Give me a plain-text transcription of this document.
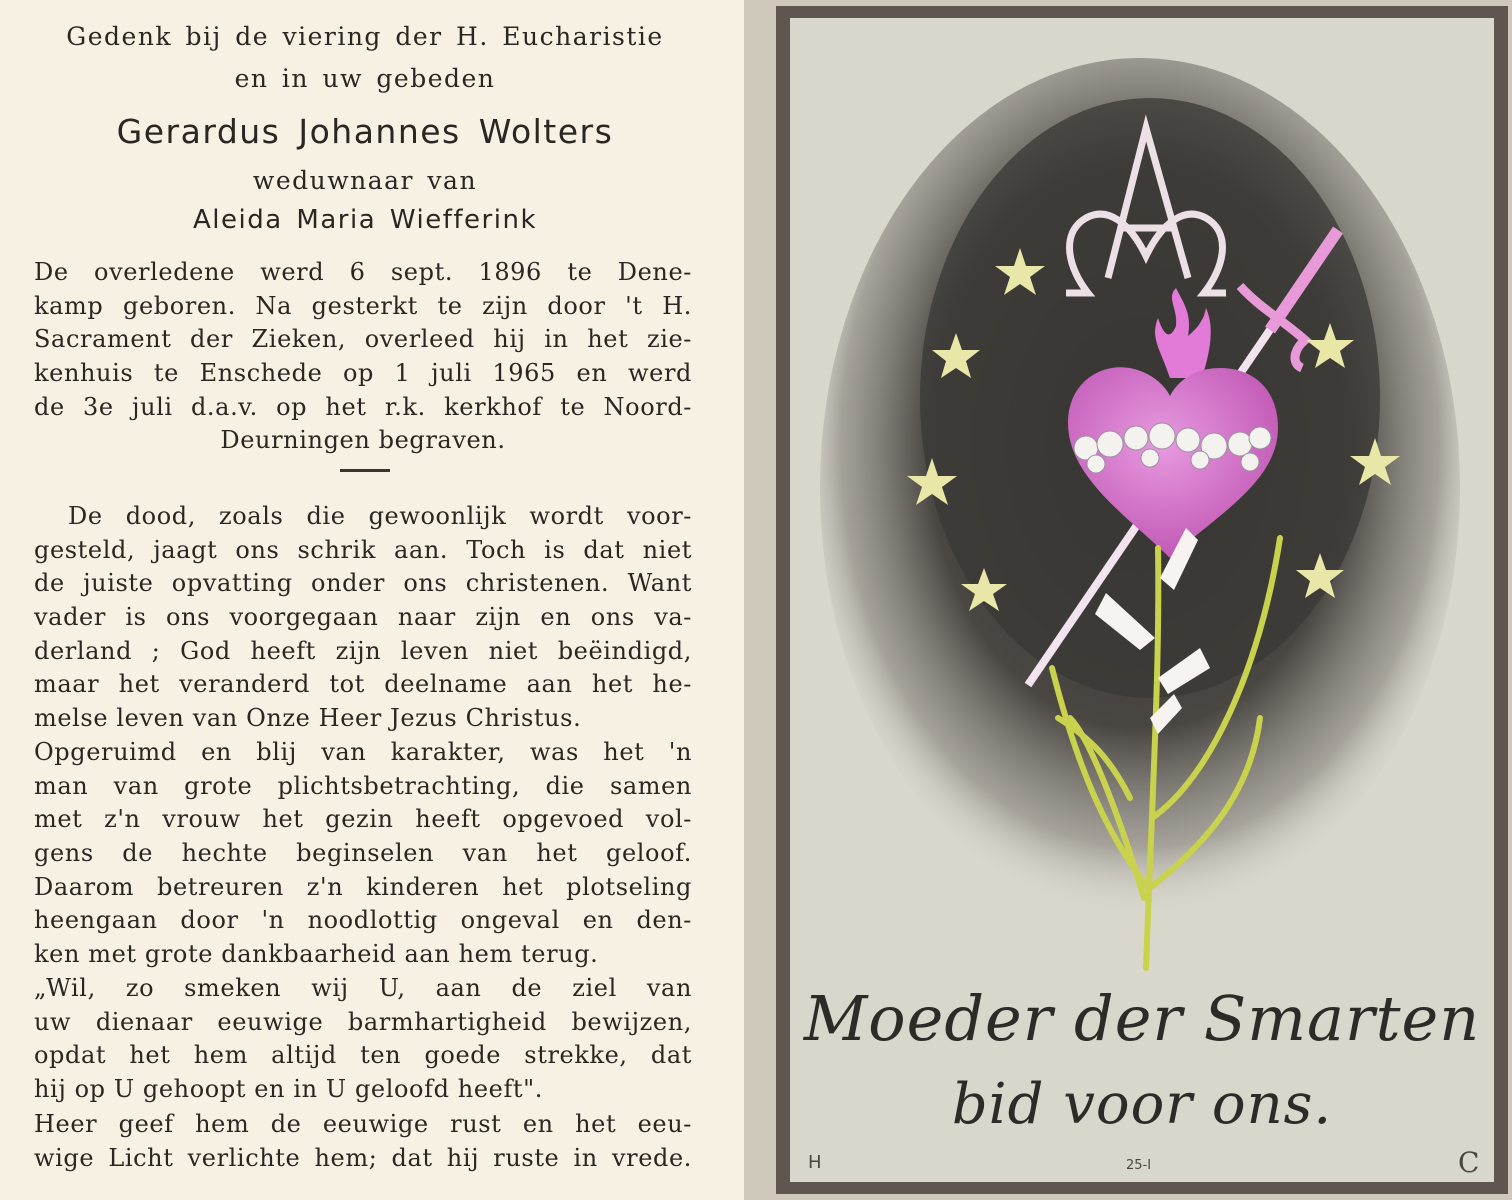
Gedenk bij de viering der H. Eucharistie
en in uw gebeden
Gerardus Johannes Wolters
weduwnaar van
Aleida Maria Wiefferink
De overledene werd 6 sept. 1896 te Dene-
kamp geboren. Na gesterkt te zijn door 't H.
Sacrament der Zieken, overleed hij in het zie-
kenhuis te Enschede op 1 juli 1965 en werd
de 3e juli d.a.v. op het r.k. kerkhof te Noord-
Deurningen begraven.
De dood, zoals die gewoonlijk wordt voor-
gesteld, jaagt ons schrik aan. Toch is dat niet
de juiste opvatting onder ons christenen. Want
vader is ons voorgegaan naar zijn en ons va-
derland ; God heeft zijn leven niet beëindigd,
maar het veranderd tot deelname aan het he-
melse leven van Onze Heer Jezus Christus.
Opgeruimd en blij van karakter, was het 'n
man van grote plichtsbetrachting, die samen
met z'n vrouw het gezin heeft opgevoed vol-
gens de hechte beginselen van het geloof.
Daarom betreuren z'n kinderen het plotseling
heengaan door 'n noodlottig ongeval en den-
ken met grote dankbaarheid aan hem terug.
„Wil, zo smeken wij U, aan de ziel van
uw dienaar eeuwige barmhartigheid bewijzen,
opdat het hem altijd ten goede strekke, dat
hij op U gehoopt en in U geloofd heeft".
Heer geef hem de eeuwige rust en het eeu-
wige Licht verlichte hem; dat hij ruste in vrede.
Moeder der Smarten
bid voor ons.
H	25-I	C
